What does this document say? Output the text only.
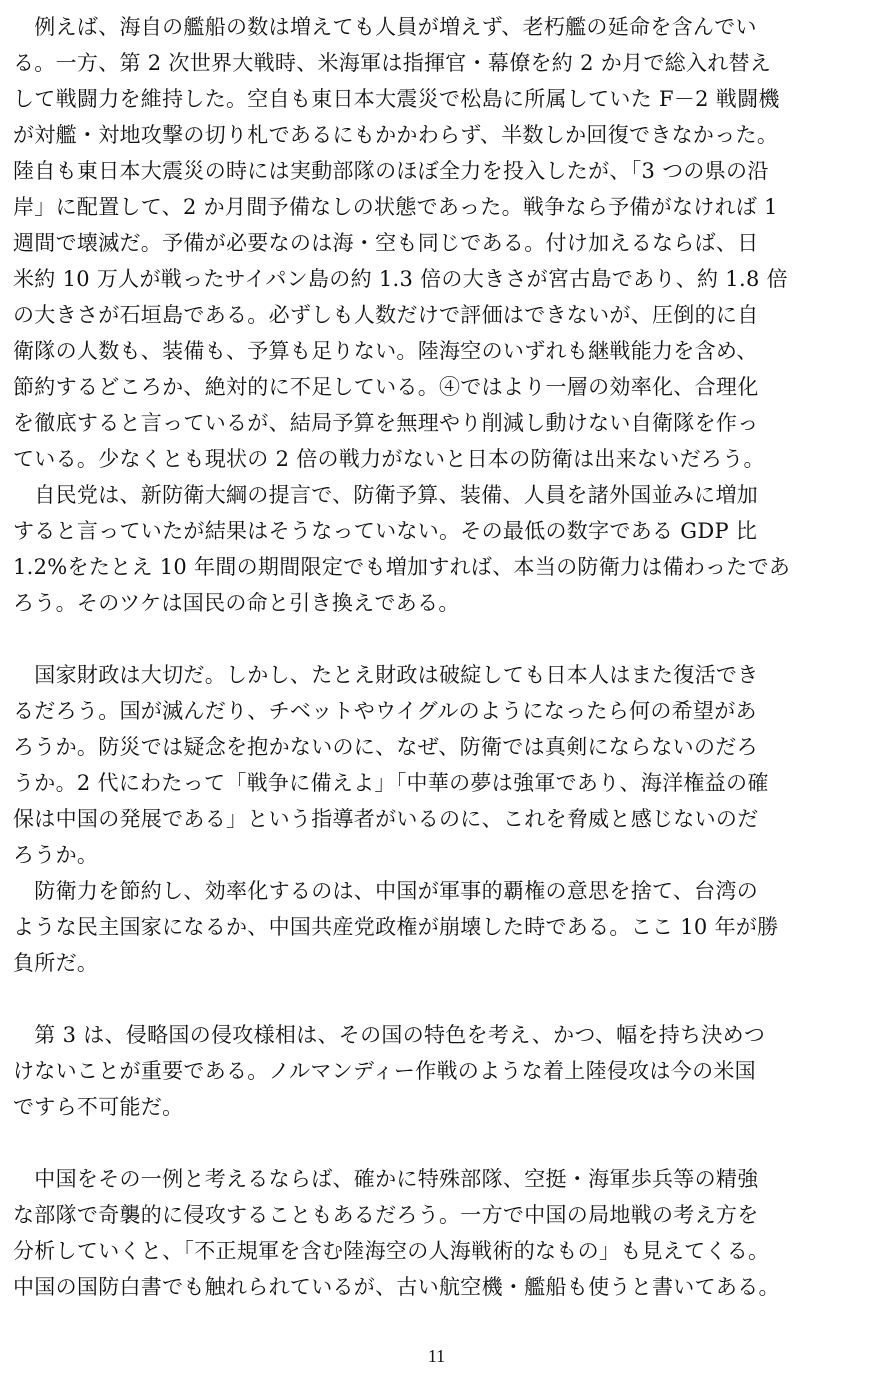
　例えば、海自の艦船の数は増えても人員が増えず、老朽艦の延命を含んでい
る。一方、第 2 次世界大戦時、米海軍は指揮官・幕僚を約 2 か月で総入れ替え
して戦闘力を維持した。空自も東日本大震災で松島に所属していた F－2 戦闘機
が対艦・対地攻撃の切り札であるにもかかわらず、半数しか回復できなかった。
陸自も東日本大震災の時には実動部隊のほぼ全力を投入したが、「3 つの県の沿
岸」に配置して、2 か月間予備なしの状態であった。戦争なら予備がなければ 1
週間で壊滅だ。予備が必要なのは海・空も同じである。付け加えるならば、日
米約 10 万人が戦ったサイパン島の約 1.3 倍の大きさが宮古島であり、約 1.8 倍
の大きさが石垣島である。必ずしも人数だけで評価はできないが、圧倒的に自
衛隊の人数も、装備も、予算も足りない。陸海空のいずれも継戦能力を含め、
節約するどころか、絶対的に不足している。④ではより一層の効率化、合理化
を徹底すると言っているが、結局予算を無理やり削減し動けない自衛隊を作っ
ている。少なくとも現状の 2 倍の戦力がないと日本の防衛は出来ないだろう。
　自民党は、新防衛大綱の提言で、防衛予算、装備、人員を諸外国並みに増加
すると言っていたが結果はそうなっていない。その最低の数字である GDP 比
1.2%をたとえ 10 年間の期間限定でも増加すれば、本当の防衛力は備わったであ
ろう。そのツケは国民の命と引き換えである。
　国家財政は大切だ。しかし、たとえ財政は破綻しても日本人はまた復活でき
るだろう。国が滅んだり、チベットやウイグルのようになったら何の希望があ
ろうか。防災では疑念を抱かないのに、なぜ、防衛では真剣にならないのだろ
うか。2 代にわたって「戦争に備えよ」「中華の夢は強軍であり、海洋権益の確
保は中国の発展である」という指導者がいるのに、これを脅威と感じないのだ
ろうか。
　防衛力を節約し、効率化するのは、中国が軍事的覇権の意思を捨て、台湾の
ような民主国家になるか、中国共産党政権が崩壊した時である。ここ 10 年が勝
負所だ。
　第 3 は、侵略国の侵攻様相は、その国の特色を考え、かつ、幅を持ち決めつ
けないことが重要である。ノルマンディー作戦のような着上陸侵攻は今の米国
ですら不可能だ。
　中国をその一例と考えるならば、確かに特殊部隊、空挺・海軍歩兵等の精強
な部隊で奇襲的に侵攻することもあるだろう。一方で中国の局地戦の考え方を
分析していくと、「不正規軍を含む陸海空の人海戦術的なもの」も見えてくる。
中国の国防白書でも触れられているが、古い航空機・艦船も使うと書いてある。
11
